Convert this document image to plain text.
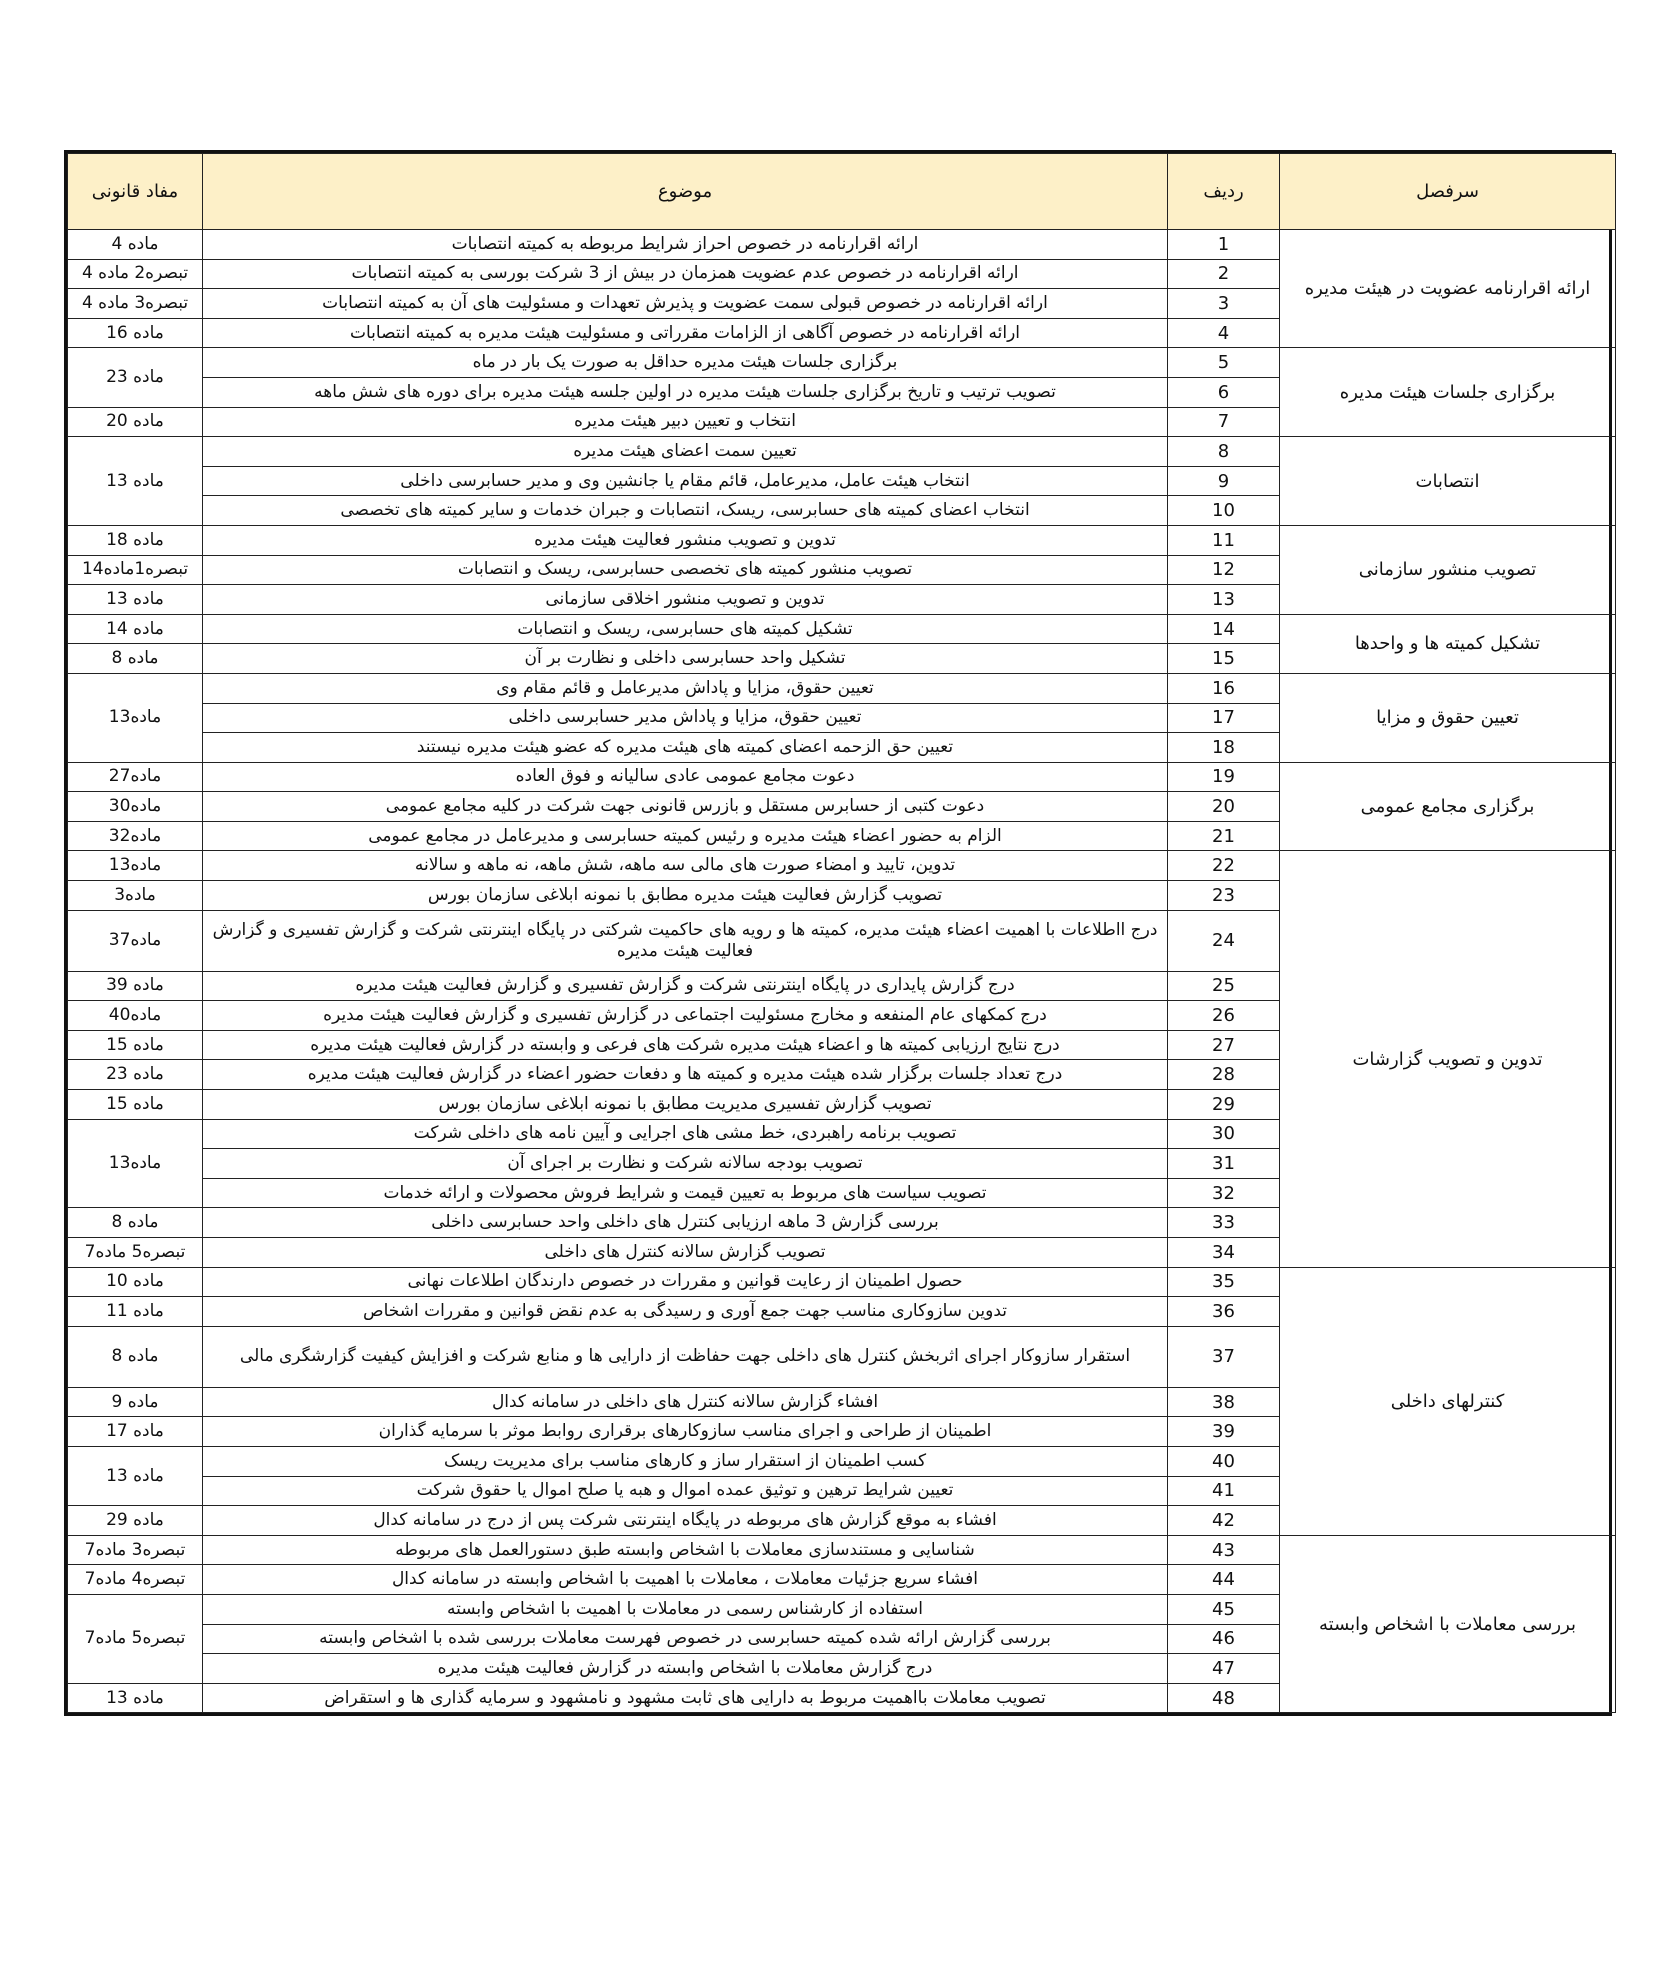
مفاد قانونی	موضوع	ردیف	سرفصل
ماده 4	ارائه اقرارنامه در خصوص احراز شرایط مربوطه به کمیته انتصابات	1	ارائه اقرارنامه عضویت در هیئت مدیره
تبصره2 ماده 4	ارائه اقرارنامه در خصوص عدم عضویت همزمان در بیش از 3 شرکت بورسی به کمیته انتصابات	2	
تبصره3 ماده 4	ارائه اقرارنامه در خصوص قبولی سمت عضویت و پذیرش تعهدات و مسئولیت های آن به کمیته انتصابات	3	
ماده 16	ارائه اقرارنامه در خصوص آگاهی از الزامات مقرراتی و مسئولیت هیئت مدیره به کمیته انتصابات	4	
ماده 23	برگزاری جلسات هیئت مدیره حداقل به صورت یک بار در ماه	5	برگزاری جلسات هیئت مدیره
	تصویب ترتیب و تاریخ برگزاری جلسات هیئت مدیره در اولین جلسه هیئت مدیره برای دوره های شش ماهه	6	
ماده 20	انتخاب و تعیین دبیر هیئت مدیره	7	
ماده 13	تعیین سمت اعضای هیئت مدیره	8	انتصابات
	انتخاب هیئت عامل، مدیرعامل، قائم مقام یا جانشین وی و مدیر حسابرسی داخلی	9	
	انتخاب اعضای کمیته های حسابرسی، ریسک، انتصابات و جبران خدمات و سایر کمیته های تخصصی	10	
ماده 18	تدوین و تصویب منشور فعالیت هیئت مدیره	11	تصویب منشور سازمانی
تبصره1ماده14	تصویب منشور کمیته های تخصصی حسابرسی، ریسک و انتصابات	12	
ماده 13	تدوین و تصویب منشور اخلاقی سازمانی	13	
ماده 14	تشکیل کمیته های حسابرسی، ریسک و انتصابات	14	تشکیل کمیته ها و واحدها
ماده 8	تشکیل واحد حسابرسی داخلی و نظارت بر آن	15	
ماده13	تعیین حقوق، مزایا و پاداش مدیرعامل و قائم مقام وی	16	تعیین حقوق و مزایا
	تعیین حقوق، مزایا و پاداش مدیر حسابرسی داخلی	17	
	تعیین حق الزحمه اعضای کمیته های هیئت مدیره که عضو هیئت مدیره نیستند	18	
ماده27	دعوت مجامع عمومی عادی سالیانه و فوق العاده	19	برگزاری مجامع عمومی
ماده30	دعوت کتبی از حسابرس مستقل و بازرس قانونی جهت شرکت در کلیه مجامع عمومی	20	
ماده32	الزام به حضور اعضاء هیئت مدیره و رئیس کمیته حسابرسی و مدیرعامل در مجامع عمومی	21	
ماده13	تدوین، تایید و امضاء صورت های مالی سه ماهه، شش ماهه، نه ماهه و سالانه	22	تدوین و تصویب گزارشات
ماده3	تصویب گزارش فعالیت هیئت مدیره مطابق با نمونه ابلاغی سازمان بورس	23	
ماده37	درج ااطلاعات با اهمیت اعضاء هیئت مدیره، کمیته ها و رویه های حاکمیت شرکتی در پایگاه اینترنتی شرکت و گزارش تفسیری و گزارش فعالیت هیئت مدیره	24	
ماده 39	درج گزارش پایداری در پایگاه اینترنتی شرکت و گزارش تفسیری و گزارش فعالیت هیئت مدیره	25	
ماده40	درج کمکهای عام المنفعه و مخارج مسئولیت اجتماعی در گزارش تفسیری و گزارش فعالیت هیئت مدیره	26	
ماده 15	درج نتایج ارزیابی کمیته ها و اعضاء هیئت مدیره شرکت های فرعی و وابسته در گزارش فعالیت هیئت مدیره	27	
ماده 23	درج تعداد جلسات برگزار شده هیئت مدیره و کمیته ها و دفعات حضور اعضاء در گزارش فعالیت هیئت مدیره	28	
ماده 15	تصویب گزارش تفسیری مدیریت مطابق با نمونه ابلاغی سازمان بورس	29	
ماده13	تصویب برنامه راهبردی، خط مشی های اجرایی و آیین نامه های داخلی شرکت	30	
	تصویب بودجه سالانه شرکت و نظارت بر اجرای آن	31	
	تصویب سیاست های مربوط به تعیین قیمت و شرایط فروش محصولات و ارائه خدمات	32	
ماده 8	بررسی گزارش 3 ماهه ارزیابی کنترل های داخلی واحد حسابرسی داخلی	33	
تبصره5 ماده7	تصویب گزارش سالانه کنترل های داخلی	34	
ماده 10	حصول اطمینان از رعایت قوانین و مقررات در خصوص دارندگان اطلاعات نهانی	35	کنترلهای داخلی
ماده 11	تدوین سازوکاری مناسب جهت جمع آوری و رسیدگی به عدم نقض قوانین و مقررات اشخاص	36	
ماده 8	استقرار سازوکار اجرای اثربخش کنترل های داخلی جهت حفاظت از دارایی ها و منابع شرکت و افزایش کیفیت گزارشگری مالی	37	
ماده 9	افشاء گزارش سالانه کنترل های داخلی در سامانه کدال	38	
ماده 17	اطمینان از طراحی و اجرای مناسب سازوکارهای برقراری روابط موثر با سرمایه گذاران	39	
ماده 13	کسب اطمینان از استقرار ساز و کارهای مناسب برای مدیریت ریسک	40	
	تعیین شرایط ترهین و توثیق عمده اموال و هبه یا صلح اموال یا حقوق شرکت	41	
ماده 29	افشاء به موقع گزارش های مربوطه در پایگاه اینترنتی شرکت پس از درج در سامانه کدال	42	
تبصره3 ماده7	شناسایی و مستندسازی معاملات با اشخاص وابسته طبق دستورالعمل های مربوطه	43	بررسی معاملات با اشخاص وابسته
تبصره4 ماده7	افشاء سریع جزئیات معاملات ، معاملات با اهمیت با اشخاص وابسته در سامانه کدال	44	
تبصره5 ماده7	استفاده از کارشناس رسمی در معاملات با اهمیت با اشخاص وابسته	45	
	بررسی گزارش ارائه شده کمیته حسابرسی در خصوص فهرست معاملات بررسی شده با اشخاص وابسته	46	
	درج گزارش معاملات با اشخاص وابسته در گزارش فعالیت هیئت مدیره	47	
ماده 13	تصویب معاملات بااهمیت مربوط به دارایی های ثابت مشهود و نامشهود و سرمایه گذاری ها و استقراض	48	
